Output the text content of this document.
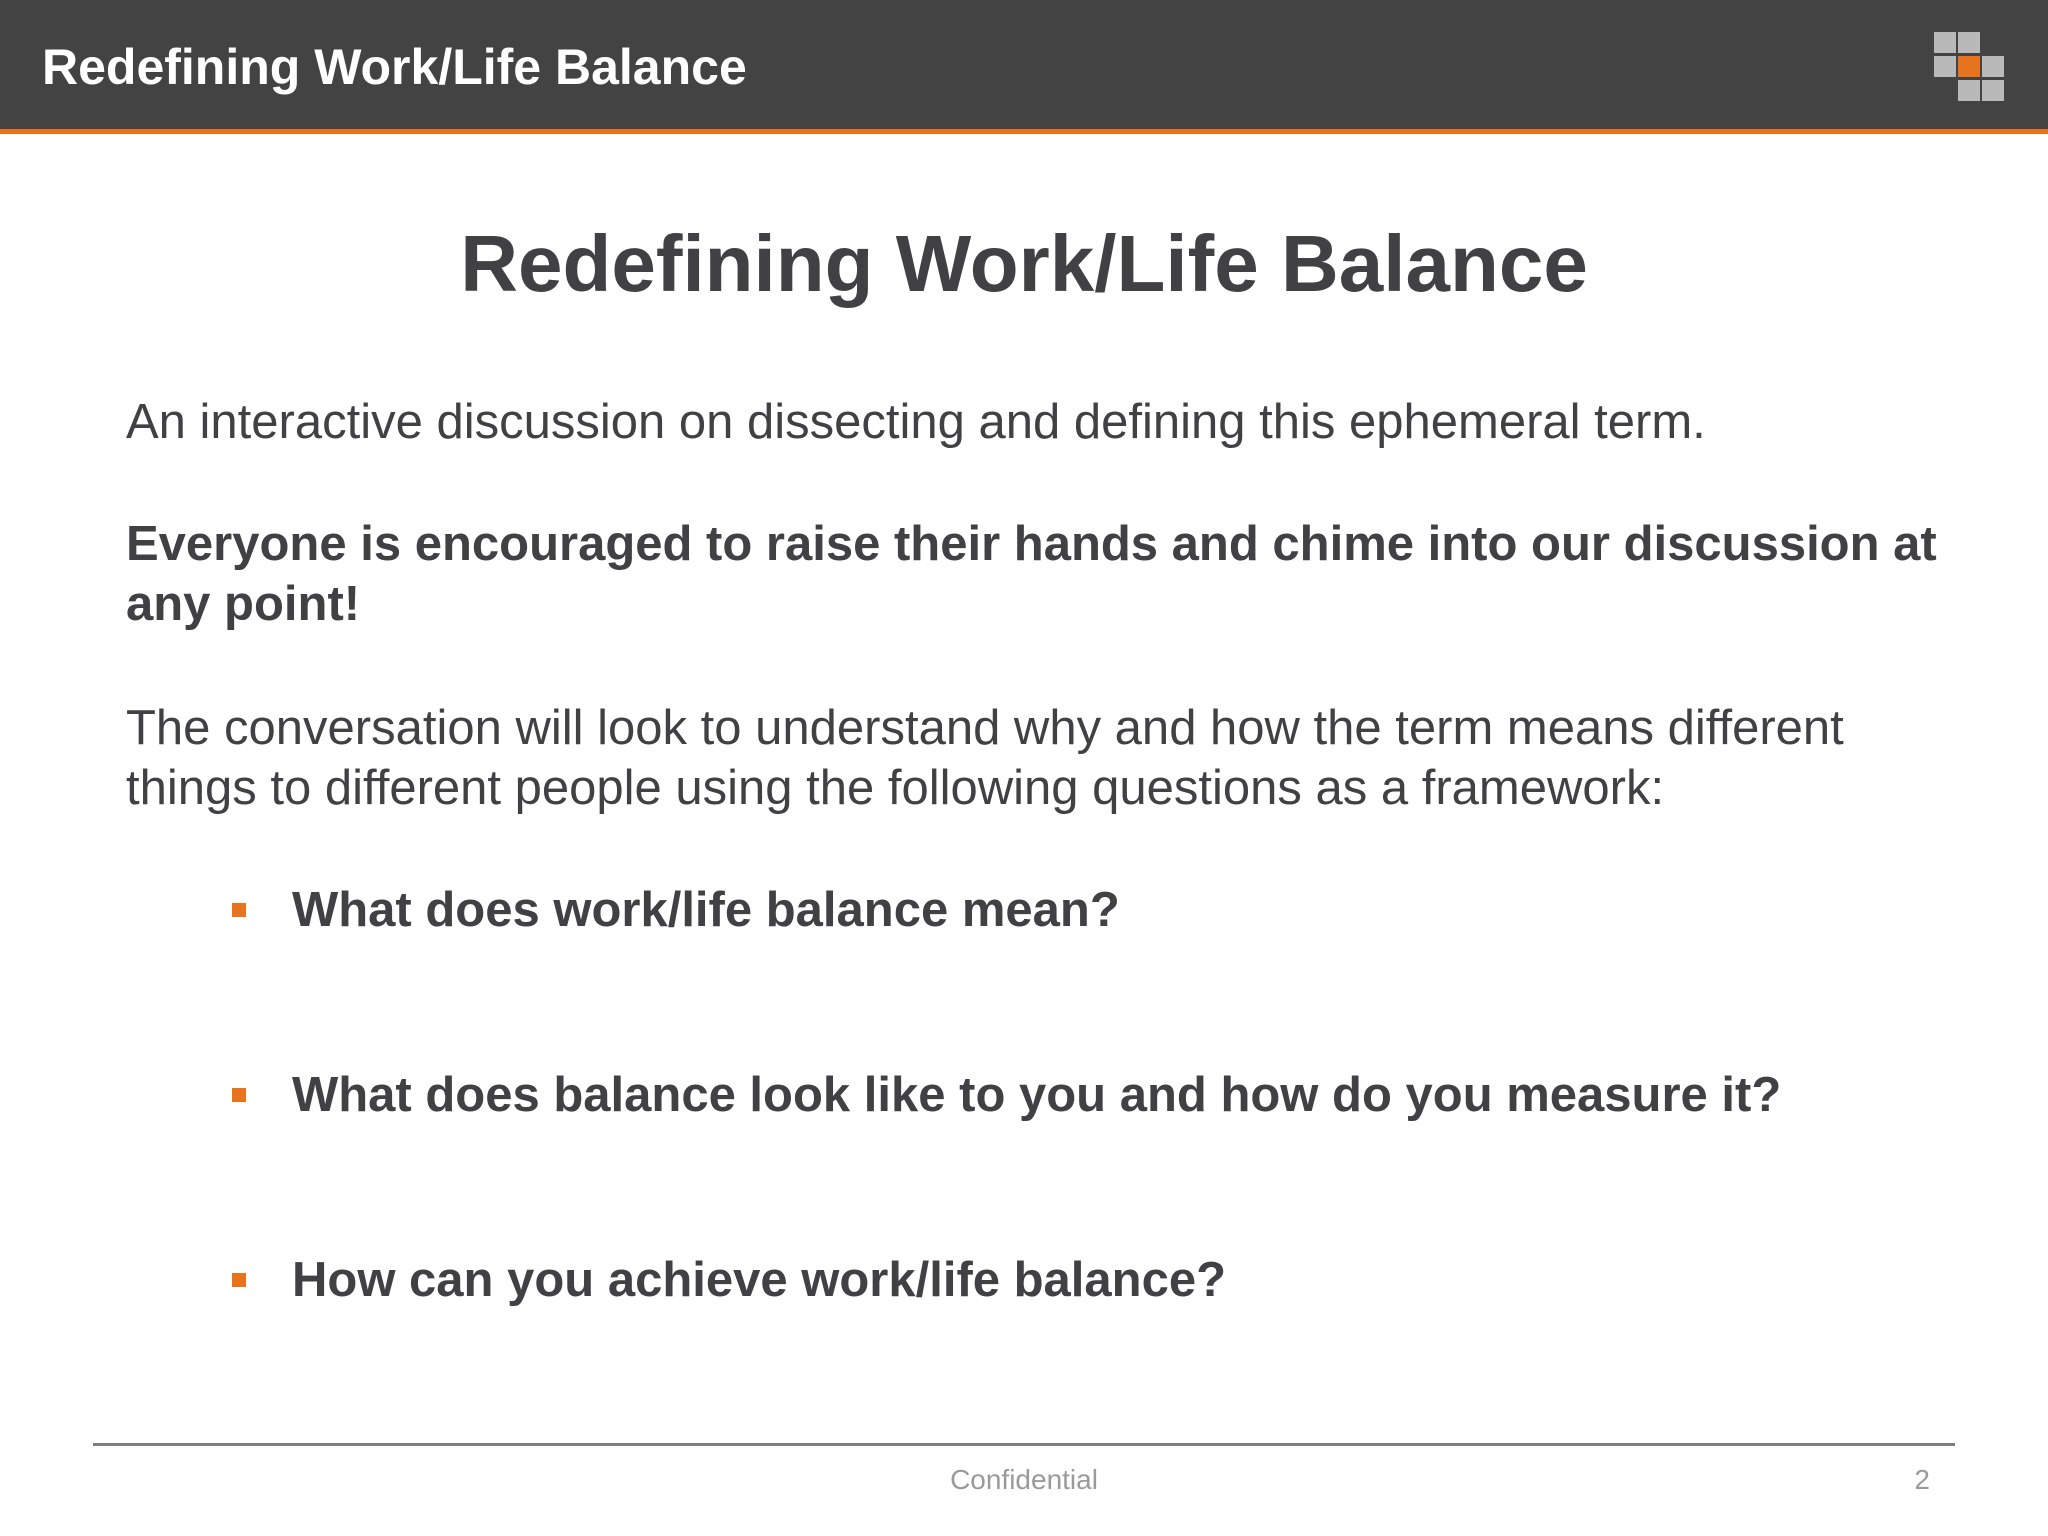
Redefining Work/Life Balance
Redefining Work/Life Balance
An interactive discussion on dissecting and defining this ephemeral term.
Everyone is encouraged to raise their hands and chime into our discussion at any point!
The conversation will look to understand why and how the term means different things to different people using the following questions as a framework:
What does work/life balance mean?
What does balance look like to you and how do you measure it?
How can you achieve work/life balance?
Confidential	2
